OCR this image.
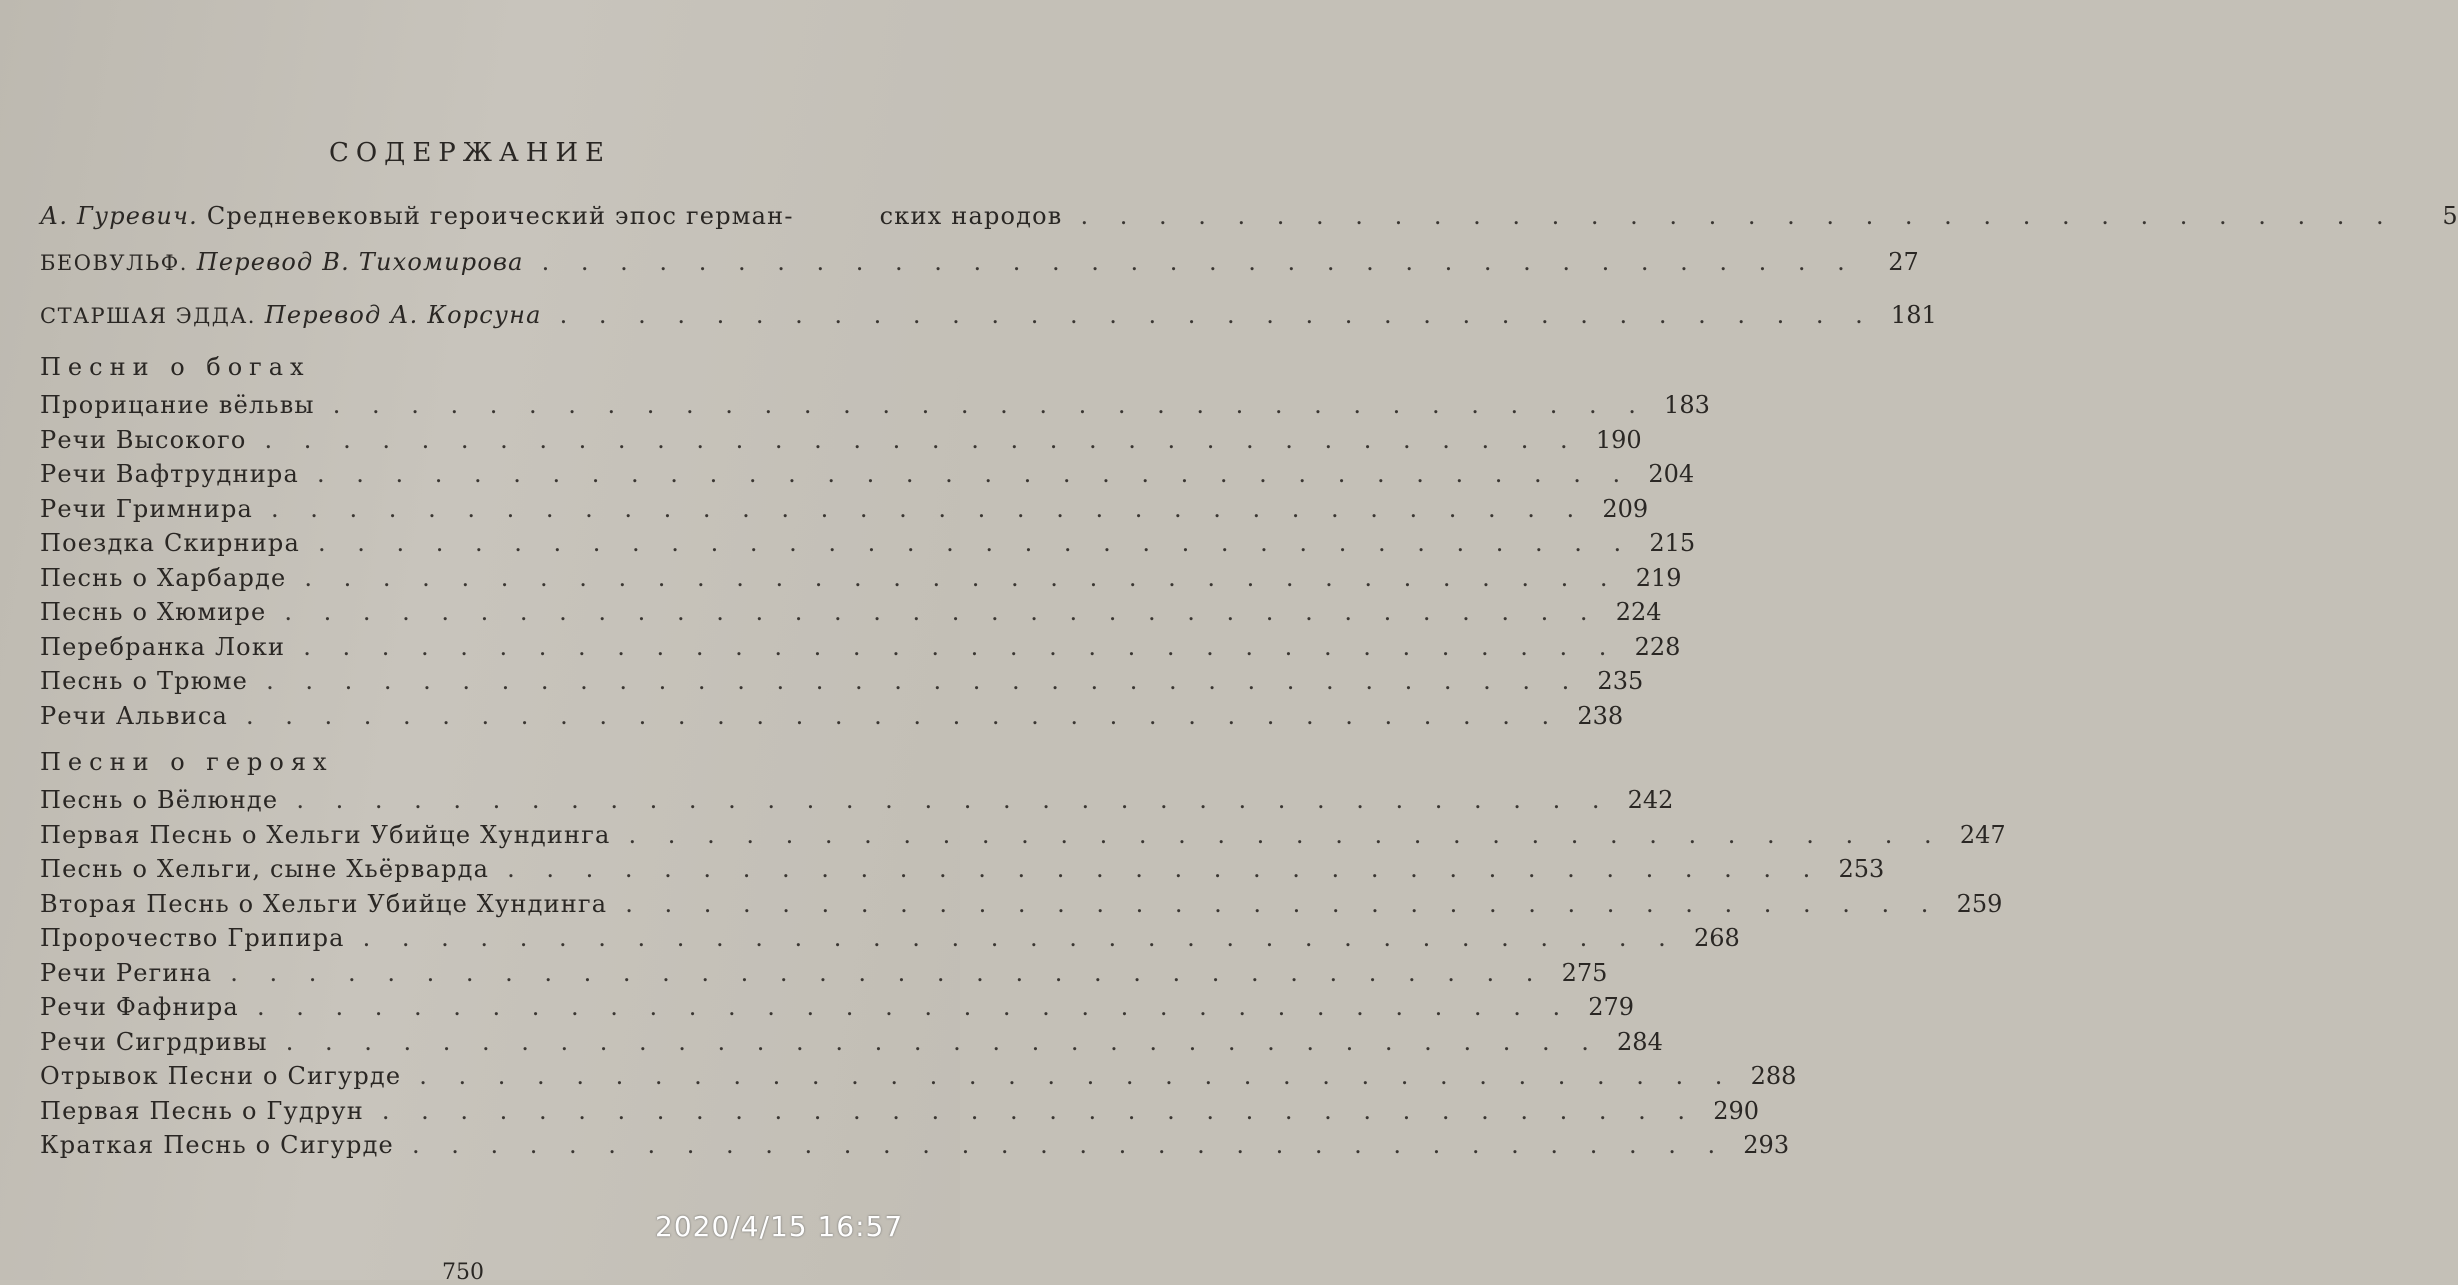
СОДЕРЖАНИЕ
А. Гуревич. Средневековый героический эпос герман-	ских народов . . . . . . . . . . . . . . . . . . . . . . . . . . . . . . . . . .	5
БЕОВУЛЬФ. Перевод В. Тихомирова . . . . . . . . . . . . . . . . . . . . . . . . . . . . . . . . . .	27
СТАРШАЯ ЭДДА. Перевод А. Корсуна . . . . . . . . . . . . . . . . . . . . . . . . . . . . . . . . . . 181
Песни о богах
Прорицание вёльвы . . . . . . . . . . . . . . . . . . . . . . . . . . . . . . . . . . 183
Речи Высокого . . . . . . . . . . . . . . . . . . . . . . . . . . . . . . . . . . 190
Речи Вафтруднира . . . . . . . . . . . . . . . . . . . . . . . . . . . . . . . . . . 204
Речи Гримнира . . . . . . . . . . . . . . . . . . . . . . . . . . . . . . . . . . 209
Поездка Скирнира . . . . . . . . . . . . . . . . . . . . . . . . . . . . . . . . . . 215
Песнь о Харбарде . . . . . . . . . . . . . . . . . . . . . . . . . . . . . . . . . . 219
Песнь о Хюмире . . . . . . . . . . . . . . . . . . . . . . . . . . . . . . . . . . 224
Перебранка Локи . . . . . . . . . . . . . . . . . . . . . . . . . . . . . . . . . . 228
Песнь о Трюме . . . . . . . . . . . . . . . . . . . . . . . . . . . . . . . . . . 235
Речи Альвиса . . . . . . . . . . . . . . . . . . . . . . . . . . . . . . . . . . 238
Песни о героях
Песнь о Вёлюнде . . . . . . . . . . . . . . . . . . . . . . . . . . . . . . . . . . 242
Первая Песнь о Хельги Убийце Хундинга . . . . . . . . . . . . . . . . . . . . . . . . . . . . . . . . . . 247
Песнь о Хельги, сыне Хьёрварда . . . . . . . . . . . . . . . . . . . . . . . . . . . . . . . . . . 253
Вторая Песнь о Хельги Убийце Хундинга . . . . . . . . . . . . . . . . . . . . . . . . . . . . . . . . . . 259
Пророчество Грипира . . . . . . . . . . . . . . . . . . . . . . . . . . . . . . . . . . 268
Речи Регина . . . . . . . . . . . . . . . . . . . . . . . . . . . . . . . . . . 275
Речи Фафнира . . . . . . . . . . . . . . . . . . . . . . . . . . . . . . . . . . 279
Речи Сигрдривы . . . . . . . . . . . . . . . . . . . . . . . . . . . . . . . . . . 284
Отрывок Песни о Сигурде . . . . . . . . . . . . . . . . . . . . . . . . . . . . . . . . . . 288
Первая Песнь о Гудрун . . . . . . . . . . . . . . . . . . . . . . . . . . . . . . . . . . 290
Краткая Песнь о Сигурде . . . . . . . . . . . . . . . . . . . . . . . . . . . . . . . . . . 293
750
2020/4/15 16:57
